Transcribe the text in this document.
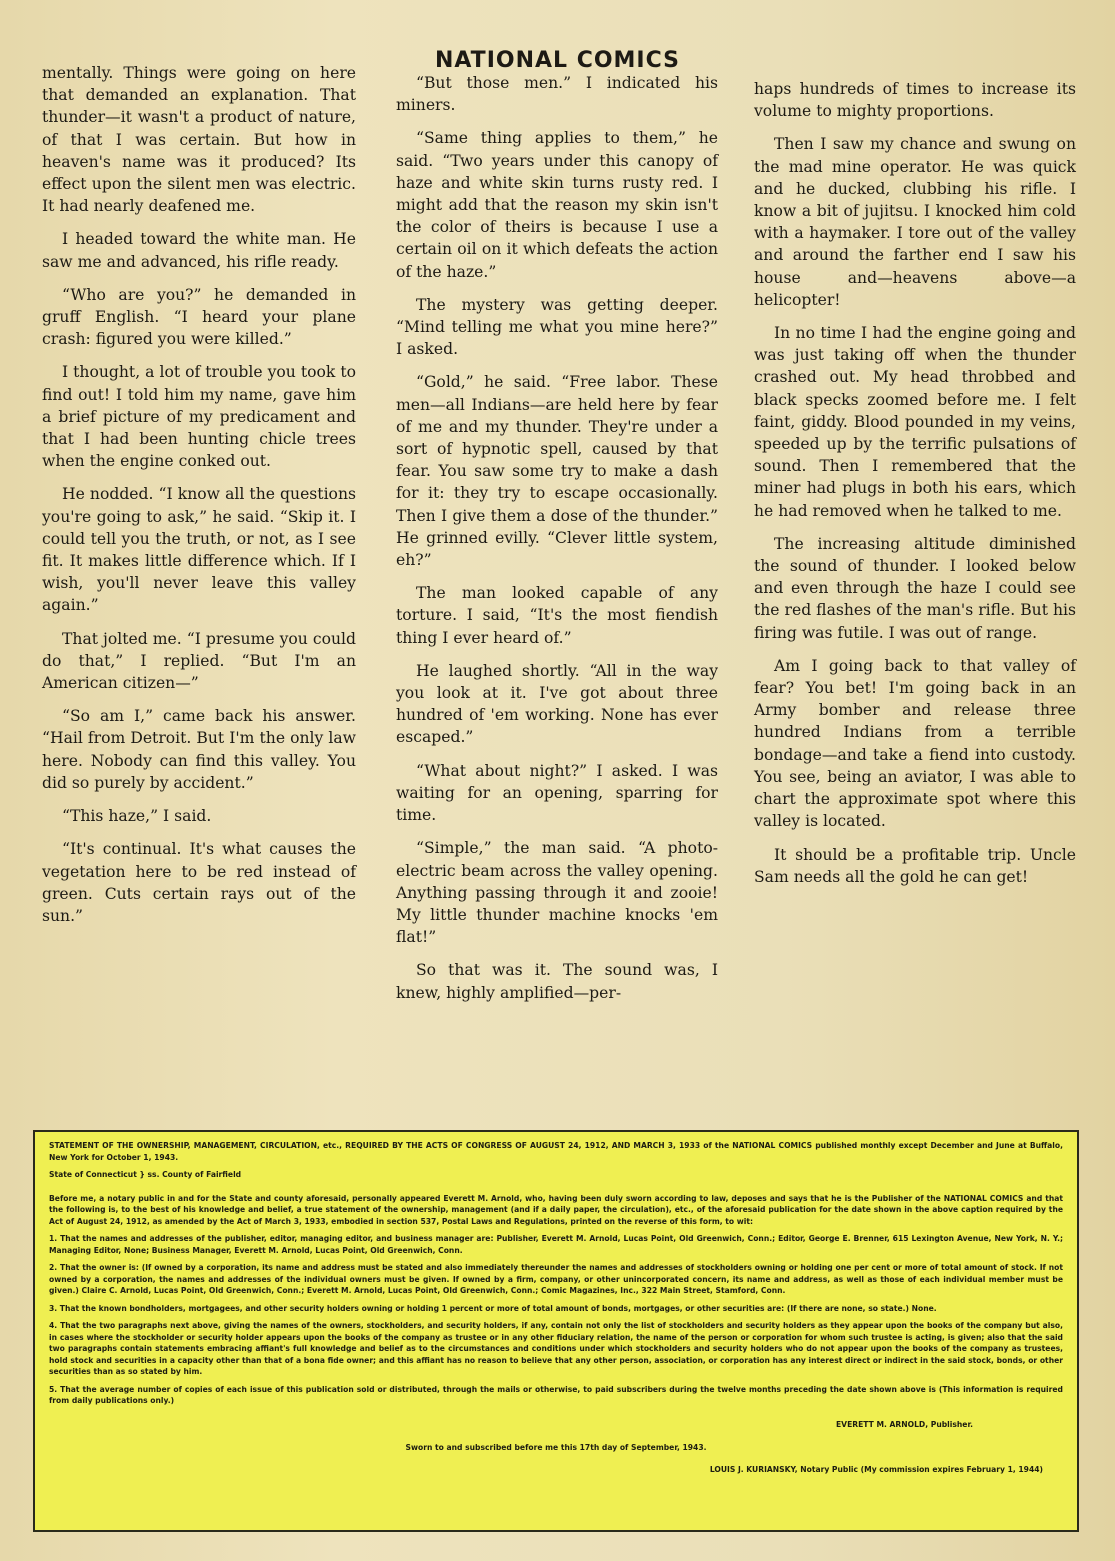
NATIONAL COMICS

mentally. Things were going on here that demanded an explanation. That thunder—it wasn't a product of nature, of that I was certain. But how in heaven's name was it produced? Its effect upon the silent men was electric. It had nearly deafened me.

I headed toward the white man. He saw me and advanced, his rifle ready.

“Who are you?” he demanded in gruff English. “I heard your plane crash: figured you were killed.”

I thought, a lot of trouble you took to find out! I told him my name, gave him a brief picture of my predicament and that I had been hunting chicle trees when the engine conked out.

He nodded. “I know all the questions you're going to ask,” he said. “Skip it. I could tell you the truth, or not, as I see fit. It makes little difference which. If I wish, you'll never leave this valley again.”

That jolted me. “I presume you could do that,” I replied. “But I'm an American citizen—”

“So am I,” came back his answer. “Hail from Detroit. But I'm the only law here. Nobody can find this valley. You did so purely by accident.”

“This haze,” I said.

“It's continual. It's what causes the vegetation here to be red instead of green. Cuts certain rays out of the sun.”

“But those men.” I indicated his miners.

“Same thing applies to them,” he said. “Two years under this canopy of haze and white skin turns rusty red. I might add that the reason my skin isn't the color of theirs is because I use a certain oil on it which defeats the action of the haze.”

The mystery was getting deeper. “Mind telling me what you mine here?” I asked.

“Gold,” he said. “Free labor. These men—all Indians—are held here by fear of me and my thunder. They're under a sort of hypnotic spell, caused by that fear. You saw some try to make a dash for it: they try to escape occasionally. Then I give them a dose of the thunder.” He grinned evilly. “Clever little system, eh?”

The man looked capable of any torture. I said, “It's the most fiendish thing I ever heard of.”

He laughed shortly. “All in the way you look at it. I've got about three hundred of 'em working. None has ever escaped.”

“What about night?” I asked. I was waiting for an opening, sparring for time.

“Simple,” the man said. “A photo-electric beam across the valley opening. Anything passing through it and zooie! My little thunder machine knocks 'em flat!”

So that was it. The sound was, I knew, highly amplified—per-

haps hundreds of times to increase its volume to mighty proportions.

Then I saw my chance and swung on the mad mine operator. He was quick and he ducked, clubbing his rifle. I know a bit of jujitsu. I knocked him cold with a haymaker. I tore out of the valley and around the farther end I saw his house and—heavens above—a helicopter!

In no time I had the engine going and was just taking off when the thunder crashed out. My head throbbed and black specks zoomed before me. I felt faint, giddy. Blood pounded in my veins, speeded up by the terrific pulsations of sound. Then I remembered that the miner had plugs in both his ears, which he had removed when he talked to me.

The increasing altitude diminished the sound of thunder. I looked below and even through the haze I could see the red flashes of the man's rifle. But his firing was futile. I was out of range.

Am I going back to that valley of fear? You bet! I'm going back in an Army bomber and release three hundred Indians from a terrible bondage—and take a fiend into custody. You see, being an aviator, I was able to chart the approximate spot where this valley is located.

It should be a profitable trip. Uncle Sam needs all the gold he can get!

STATEMENT OF THE OWNERSHIP, MANAGEMENT, CIRCULATION, etc., REQUIRED BY THE ACTS OF CONGRESS OF AUGUST 24, 1912, AND MARCH 3, 1933 of the NATIONAL COMICS published monthly except December and June at Buffalo, New York for October 1, 1943.

State of Connecticut } ss. County of Fairfield

Before me, a notary public in and for the State and county aforesaid, personally appeared Everett M. Arnold, who, having been duly sworn according to law, deposes and says that he is the Publisher of the NATIONAL COMICS and that the following is, to the best of his knowledge and belief, a true statement of the ownership, management (and if a daily paper, the circulation), etc., of the aforesaid publication for the date shown in the above caption required by the Act of August 24, 1912, as amended by the Act of March 3, 1933, embodied in section 537, Postal Laws and Regulations, printed on the reverse of this form, to wit:

1. That the names and addresses of the publisher, editor, managing editor, and business manager are: Publisher, Everett M. Arnold, Lucas Point, Old Greenwich, Conn.; Editor, George E. Brenner, 615 Lexington Avenue, New York, N. Y.; Managing Editor, None; Business Manager, Everett M. Arnold, Lucas Point, Old Greenwich, Conn.

2. That the owner is: (If owned by a corporation, its name and address must be stated and also immediately thereunder the names and addresses of stockholders owning or holding one per cent or more of total amount of stock. If not owned by a corporation, the names and addresses of the individual owners must be given. If owned by a firm, company, or other unincorporated concern, its name and address, as well as those of each individual member must be given.) Claire C. Arnold, Lucas Point, Old Greenwich, Conn.; Everett M. Arnold, Lucas Point, Old Greenwich, Conn.; Comic Magazines, Inc., 322 Main Street, Stamford, Conn.

3. That the known bondholders, mortgagees, and other security holders owning or holding 1 percent or more of total amount of bonds, mortgages, or other securities are: (If there are none, so state.) None.

4. That the two paragraphs next above, giving the names of the owners, stockholders, and security holders, if any, contain not only the list of stockholders and security holders as they appear upon the books of the company but also, in cases where the stockholder or security holder appears upon the books of the company as trustee or in any other fiduciary relation, the name of the person or corporation for whom such trustee is acting, is given; also that the said two paragraphs contain statements embracing affiant's full knowledge and belief as to the circumstances and conditions under which stockholders and security holders who do not appear upon the books of the company as trustees, hold stock and securities in a capacity other than that of a bona fide owner; and this affiant has no reason to believe that any other person, association, or corporation has any interest direct or indirect in the said stock, bonds, or other securities than as so stated by him.

5. That the average number of copies of each issue of this publication sold or distributed, through the mails or otherwise, to paid subscribers during the twelve months preceding the date shown above is (This information is required from daily publications only.)

EVERETT M. ARNOLD, Publisher.

Sworn to and subscribed before me this 17th day of September, 1943.

LOUIS J. KURIANSKY, Notary Public (My commission expires February 1, 1944)
